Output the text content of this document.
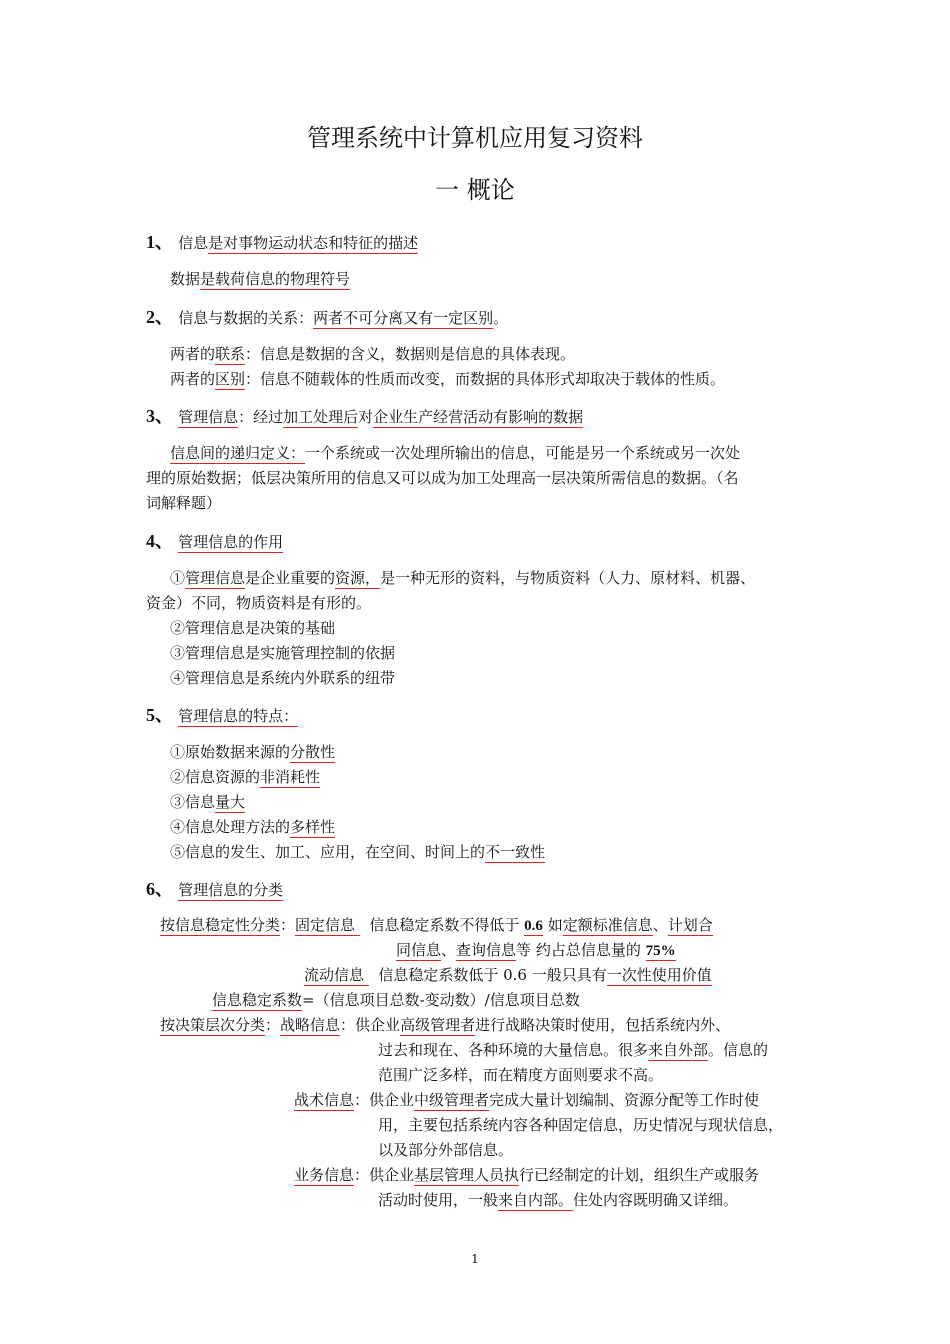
管理系统中计算机应用复习资料
一 概论
1、 信息是对事物运动状态和特征的描述
数据是载荷信息的物理符号
2、 信息与数据的关系：两者不可分离又有一定区别。
两者的联系：信息是数据的含义，数据则是信息的具体表现。
两者的区别：信息不随载体的性质而改变，而数据的具体形式却取决于载体的性质。
3、 管理信息：经过加工处理后对企业生产经营活动有影响的数据
信息间的递归定义：一个系统或一次处理所输出的信息，可能是另一个系统或另一次处
理的原始数据；低层决策所用的信息又可以成为加工处理高一层决策所需信息的数据。（名
词解释题）
4、 管理信息的作用
①管理信息是企业重要的资源，是一种无形的资料，与物质资料（人力、原材料、机器、
资金）不同，物质资料是有形的。
②管理信息是决策的基础
③管理信息是实施管理控制的依据
④管理信息是系统内外联系的纽带
5、 管理信息的特点：
①原始数据来源的分散性
②信息资源的非消耗性
③信息量大
④信息处理方法的多样性
⑤信息的发生、加工、应用，在空间、时间上的不一致性
6、 管理信息的分类
按信息稳定性分类：固定信息   信息稳定系数不得低于 0.6 如定额标准信息、计划合
同信息、查询信息等 约占总信息量的 75%
流动信息   信息稳定系数低于 0.6 一般只具有一次性使用价值
信息稳定系数=（信息项目总数-变动数）/信息项目总数
按决策层次分类：战略信息：供企业高级管理者进行战略决策时使用，包括系统内外、
过去和现在、各种环境的大量信息。很多来自外部。信息的
范围广泛多样，而在精度方面则要求不高。
战术信息：供企业中级管理者完成大量计划编制、资源分配等工作时使
用，主要包括系统内容各种固定信息，历史情况与现状信息，
以及部分外部信息。
业务信息：供企业基层管理人员执行已经制定的计划，组织生产或服务
活动时使用，一般来自内部。住处内容既明确又详细。
1
